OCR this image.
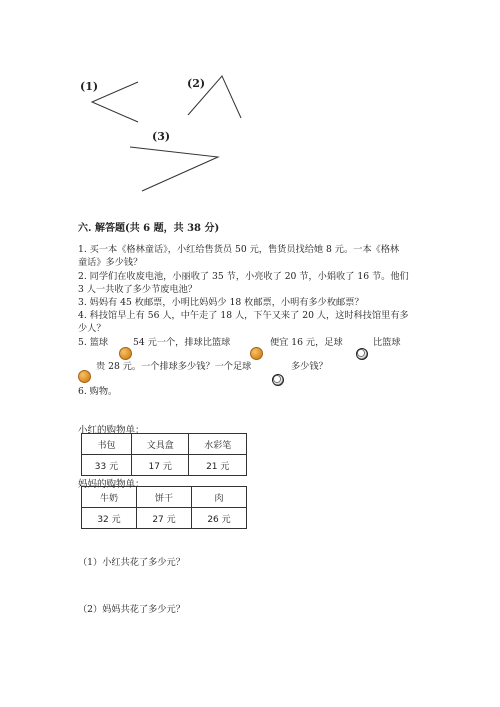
(1)	(2)
(3)
六. 解答题(共 6 题，共 38 分)
1. 买一本《格林童话》，小红给售货员 50 元，售货员找给她 8 元。一本《格林
童话》多少钱？
2. 同学们在收废电池，小丽收了 35 节，小亮收了 20 节，小娟收了 16 节。他们
3 人一共收了多少节废电池？
3. 妈妈有 45 枚邮票，小明比妈妈少 18 枚邮票，小明有多少枚邮票？
4. 科技馆早上有 56 人，中午走了 18 人，下午又来了 20 人，这时科技馆里有多
少人？
5. 篮球	54 元一个，排球比篮球	便宜 16 元，足球	比篮球
贵 28 元。一个排球多少钱？一个足球	多少钱？
6. 购物。
小红的购物单：
书包	文具盒	水彩笔
33 元	17 元	21 元
妈妈的购物单：
牛奶	饼干	肉
32 元	27 元	26 元
（1）小红共花了多少元？
（2）妈妈共花了多少元？
